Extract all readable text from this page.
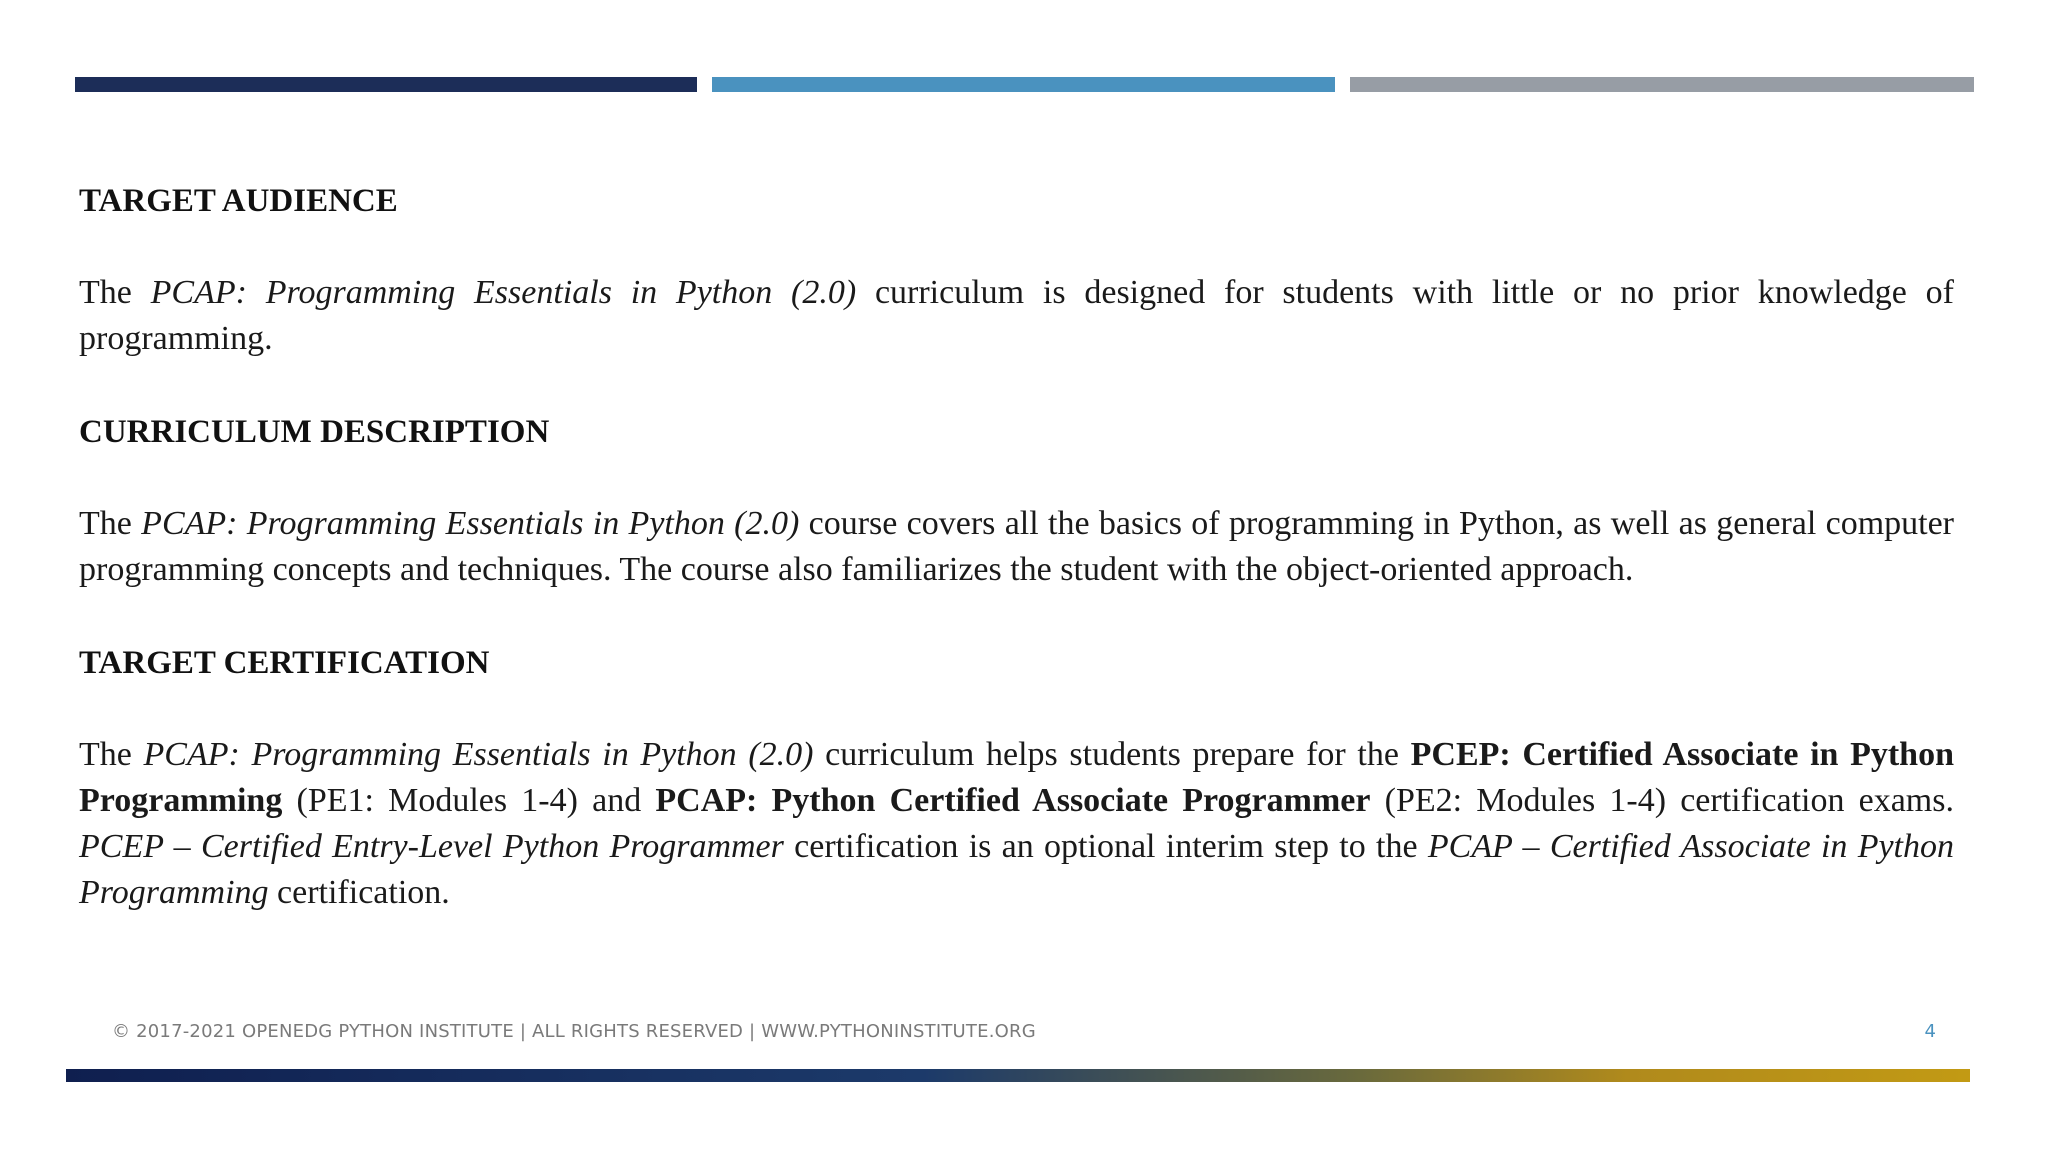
TARGET AUDIENCE

The PCAP: Programming Essentials in Python (2.0) curriculum is designed for students with little or no prior knowledge of programming.

CURRICULUM DESCRIPTION

The PCAP: Programming Essentials in Python (2.0) course covers all the basics of programming in Python, as well as general computer programming concepts and techniques. The course also familiarizes the student with the object-oriented approach.

TARGET CERTIFICATION

The PCAP: Programming Essentials in Python (2.0) curriculum helps students prepare for the PCEP: Certified Associate in Python Programming (PE1: Modules 1-4) and PCAP: Python Certified Associate Programmer (PE2: Modules 1-4) certification exams. PCEP – Certified Entry-Level Python Programmer certification is an optional interim step to the PCAP – Certified Associate in Python Programming certification.

© 2017-2021 OPENEDG PYTHON INSTITUTE | ALL RIGHTS RESERVED | WWW.PYTHONINSTITUTE.ORG	4
